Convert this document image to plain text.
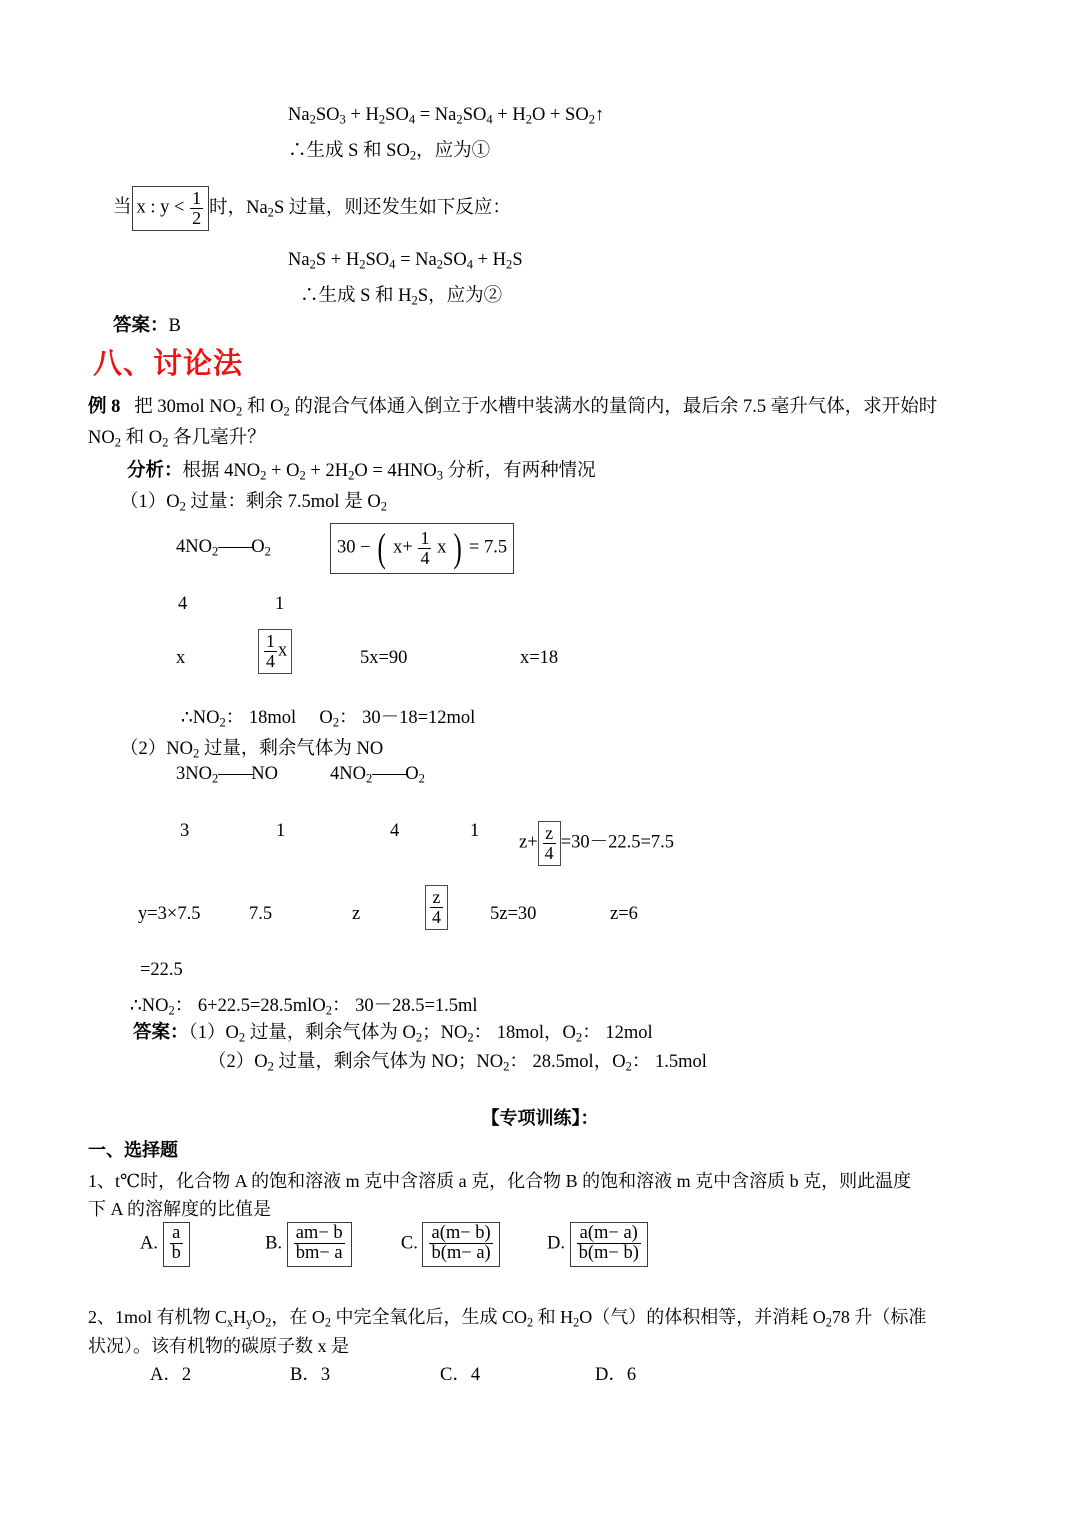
$Na_2SO_3 + H_2SO_4 = Na_2SO_4 + H_2O$ + $SO_2↑$
∴生成 S 和 $SO_2$，应为①
当 x : $y < \frac{1}{2}$ 时，$Na_2S$ 过量，则还发生如下反应：
$Na_2S + H_2SO_4 = Na_2SO_4 + H_2S$
∴生成 S 和 $H_2S$，应为②
答案：B
八、讨论法
例 8   把 30mol $NO_2$ 和 $O_2$ 的混合气体通入倒立于水槽中装满水的量筒内，最后余 7.5 毫升气体，求开始时
$NO_2$ 和 $O_2$ 各几毫升？
分析：根据 $4NO_2 + O_2 + 2H_2O = 4HNO_3$ 分析，有两种情况
$(1)O_2$ 过量：剩余 7.5mol 是 $O_2$
$4NO_2——O_2$	30 − ( $x+ \frac{1}{4}$ x ) = 7.5
4	1
x	$\frac{1}{4}$ x	5x=90	x=18
$\therefore NO_2$： 18mol     $O_2$： 30－18=12mol
$(2)NO_2$ 过量，剩余气体为 NO
$3NO_2——NO$	$4NO_2——O_2$
3	1	4	1
$z+ \frac{z}{4} =30-22.5=7.5$
y=3×7.5	7.5	z	$\frac{z}{4}$	5z=30	z=6
=22.5
$\therefore NO_2$： 6+22.5=28.5mlO$_2$： 30－28.5=1.5ml
答案：$(1)O_2$ 过量，剩余气体为 $O_2$；$NO_2$： 18mol，$O_2$： 12mol
$(2)O_2$ 过量，剩余气体为 NO；$NO_2$： 28.5mol，$O_2$： 1.5mol
【专项训练】：
一、选择题
1、t℃时，化合物 A 的饱和溶液 m 克中含溶质 a 克，化合物 B 的饱和溶液 m 克中含溶质 b 克，则此温度
下 A 的溶解度的比值是
A. $\frac{a}{b}$	B. $\frac{am- b}{bm- a}$	C. $\frac{a(m- b)}{b(m- a)}$	D. $\frac{a(m- a)}{b(m- b)}$
2、1mol 有机物 $C_xH_yO_2$，在 $O_2$ 中完全氧化后，生成 $CO_2$ 和 $H_2O$（气）的体积相等，并消耗 $O_278$ 升（标准
状况）。该有机物的碳原子数 x 是
A．2	B．3	C．4	D．6
